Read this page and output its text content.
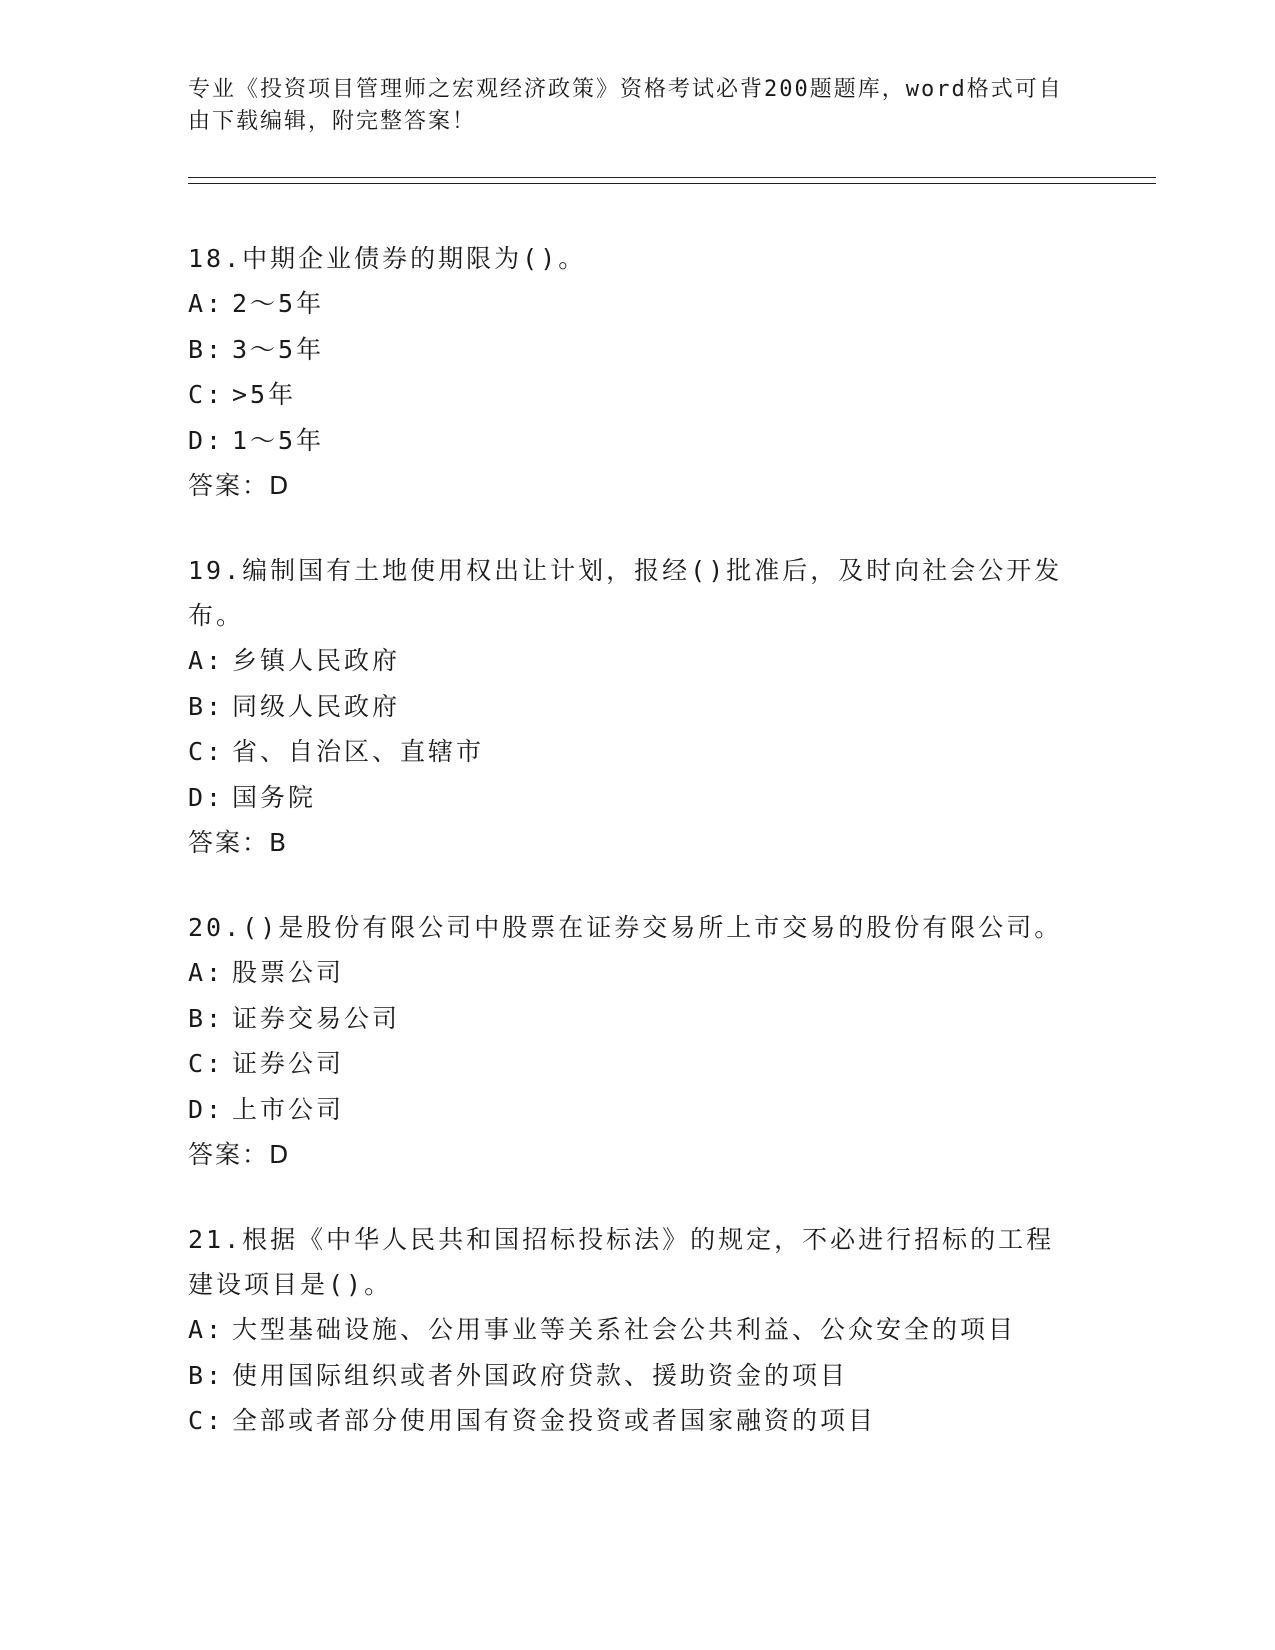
专业《投资项目管理师之宏观经济政策》资格考试必背200题题库，word格式可自由下载编辑，附完整答案！
18.中期企业债券的期限为()。
A: 2～5年
B: 3～5年
C: >5年
D: 1～5年
答案：D
19.编制国有土地使用权出让计划，报经()批准后，及时向社会公开发布。
A: 乡镇人民政府
B: 同级人民政府
C: 省、自治区、直辖市
D: 国务院
答案：B
20.()是股份有限公司中股票在证券交易所上市交易的股份有限公司。
A: 股票公司
B: 证券交易公司
C: 证券公司
D: 上市公司
答案：D
21.根据《中华人民共和国招标投标法》的规定，不必进行招标的工程建设项目是()。
A: 大型基础设施、公用事业等关系社会公共利益、公众安全的项目
B: 使用国际组织或者外国政府贷款、援助资金的项目
C: 全部或者部分使用国有资金投资或者国家融资的项目
